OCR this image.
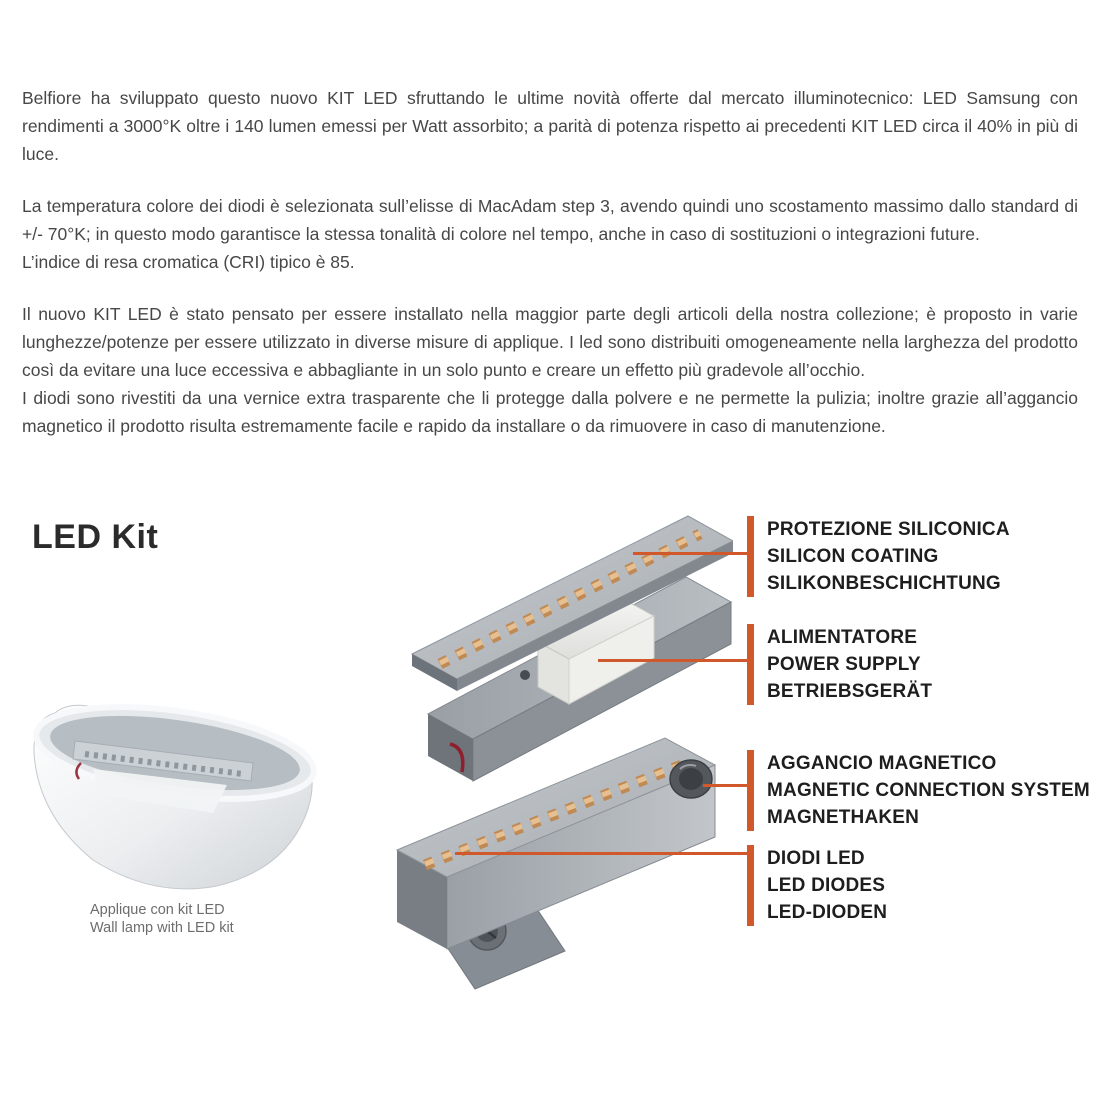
Belfiore ha sviluppato questo nuovo KIT LED sfruttando le ultime novità offerte dal mercato illuminotecnico: LED Samsung con rendimenti a 3000°K oltre i 140 lumen emessi per Watt assorbito; a parità di potenza rispetto ai precedenti KIT LED circa il 40% in più di luce.

La temperatura colore dei diodi è selezionata sull’elisse di MacAdam step 3, avendo quindi uno scostamento massimo dallo standard di +/- 70°K; in questo modo garantisce la stessa tonalità di colore nel tempo, anche in caso di sostituzioni o integrazioni future.

L’indice di resa cromatica (CRI) tipico è 85.

Il nuovo KIT LED è stato pensato per essere installato nella maggior parte degli articoli della nostra collezione; è proposto in varie lunghezze/potenze per essere utilizzato in diverse misure di applique. I led sono distribuiti omogeneamente nella larghezza del prodotto così da evitare una luce eccessiva e abbagliante in un solo punto e creare un effetto più gradevole all’occhio.

I diodi sono rivestiti da una vernice extra trasparente che li protegge dalla polvere e ne permette la pulizia; inoltre grazie all’aggancio magnetico il prodotto risulta estremamente facile e rapido da installare o da rimuovere in caso di manutenzione.

LED Kit	PROTEZIONE SILICONICA
SILICON COATING
SILIKONBESCHICHTUNG
ALIMENTATORE
POWER SUPPLY
BETRIEBSGERÄT
AGGANCIO MAGNETICO
MAGNETIC CONNECTION SYSTEM
MAGNETHAKEN
DIODI LED
LED DIODES
LED-DIODEN
Applique con kit LED
Wall lamp with LED kit
